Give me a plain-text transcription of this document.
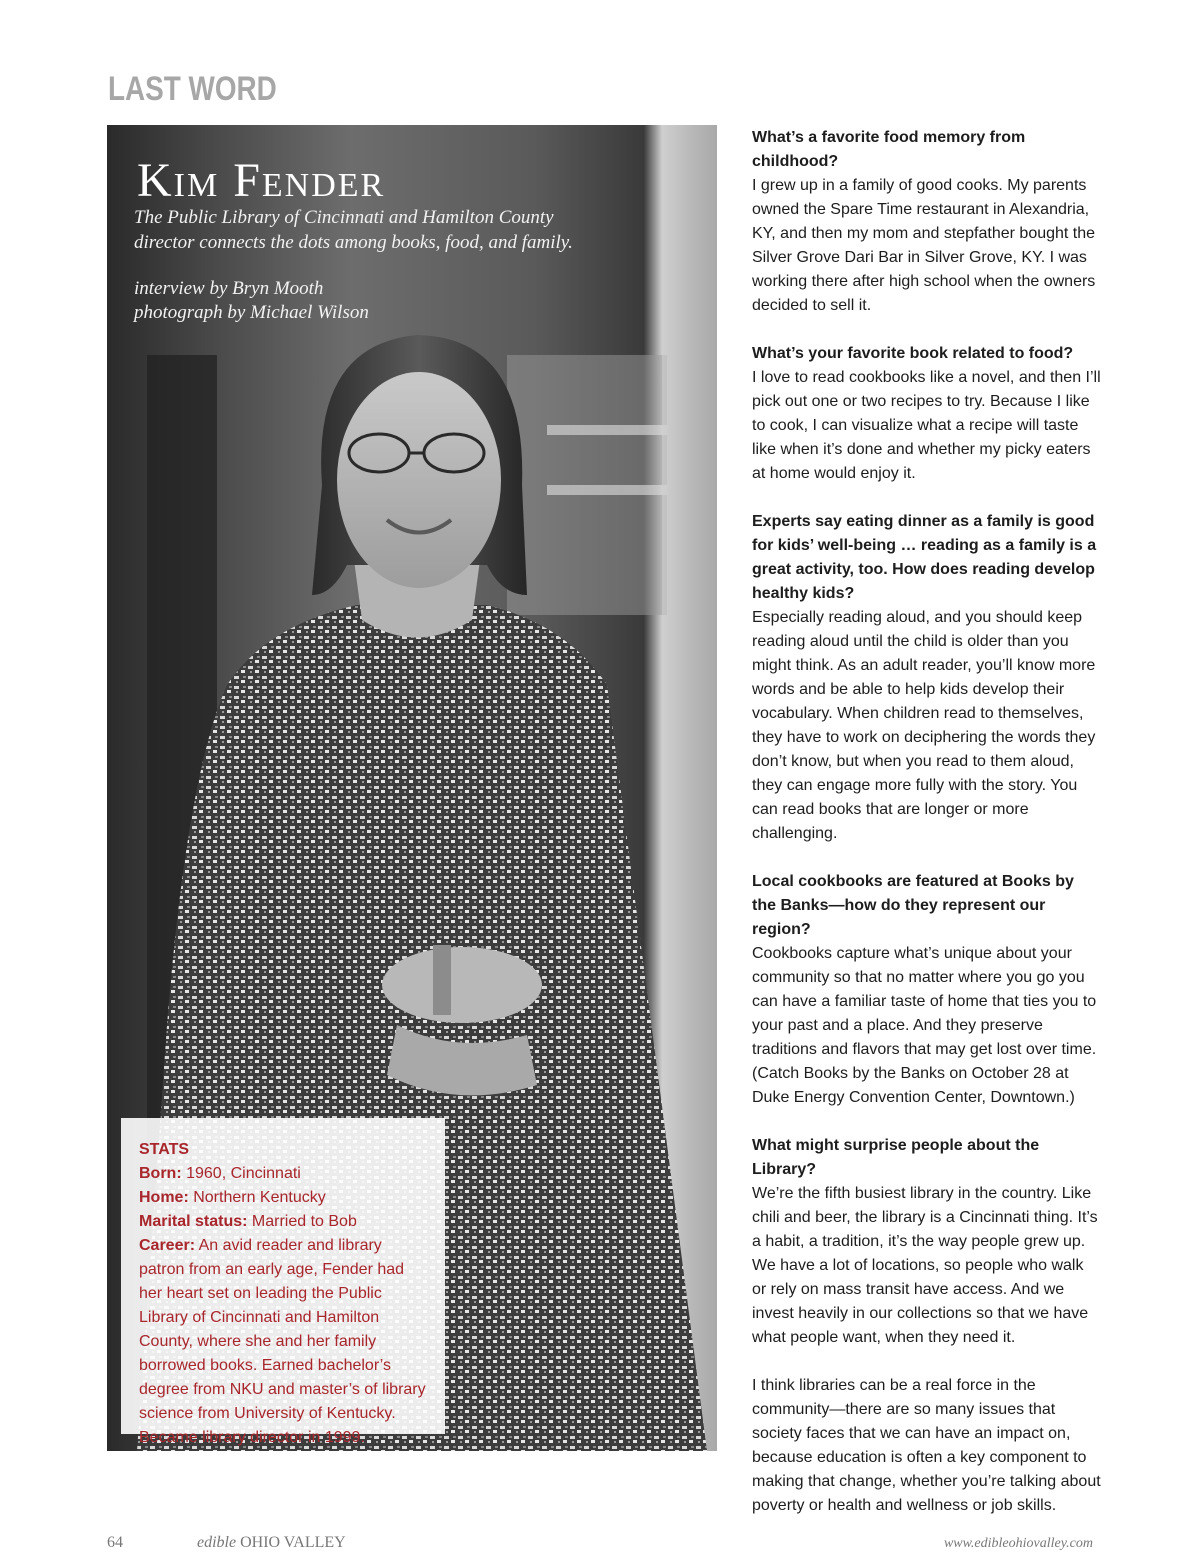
LAST WORD
Kim Fender
The Public Library of Cincinnati and Hamilton County director connects the dots among books, food, and family.
interview by Bryn Mooth
photograph by Michael Wilson
STATS
Born: 1960, Cincinnati
Home: Northern Kentucky
Marital status: Married to Bob
Career: An avid reader and library patron from an early age, Fender had her heart set on leading the Public Library of Cincinnati and Hamilton County, where she and her family borrowed books. Earned bachelor’s degree from NKU and master’s of library science from University of Kentucky. Became library director in 1999.
What’s a favorite food memory from childhood?
I grew up in a family of good cooks. My parents owned the Spare Time restaurant in Alexandria, KY, and then my mom and stepfather bought the Silver Grove Dari Bar in Silver Grove, KY. I was working there after high school when the owners decided to sell it.
What’s your favorite book related to food?
I love to read cookbooks like a novel, and then I’ll pick out one or two recipes to try. Because I like to cook, I can visualize what a recipe will taste like when it’s done and whether my picky eaters at home would enjoy it.
Experts say eating dinner as a family is good for kids’ well-being … reading as a family is a great activity, too. How does reading develop healthy kids?
Especially reading aloud, and you should keep reading aloud until the child is older than you might think. As an adult reader, you’ll know more words and be able to help kids develop their vocabulary. When children read to themselves, they have to work on deciphering the words they don’t know, but when you read to them aloud, they can engage more fully with the story. You can read books that are longer or more challenging.
Local cookbooks are featured at Books by the Banks—how do they represent our region?
Cookbooks capture what’s unique about your community so that no matter where you go you can have a familiar taste of home that ties you to your past and a place. And they preserve traditions and flavors that may get lost over time. (Catch Books by the Banks on October 28 at Duke Energy Convention Center, Downtown.)
What might surprise people about the Library?
We’re the fifth busiest library in the country. Like chili and beer, the library is a Cincinnati thing. It’s a habit, a tradition, it’s the way people grew up. We have a lot of locations, so people who walk or rely on mass transit have access. And we invest heavily in our collections so that we have what people want, when they need it.
I think libraries can be a real force in the community—there are so many issues that society faces that we can have an impact on, because education is often a key component to making that change, whether you’re talking about poverty or health and wellness or job skills.
64	edible OHIO VALLEY	www.edibleohiovalley.com
